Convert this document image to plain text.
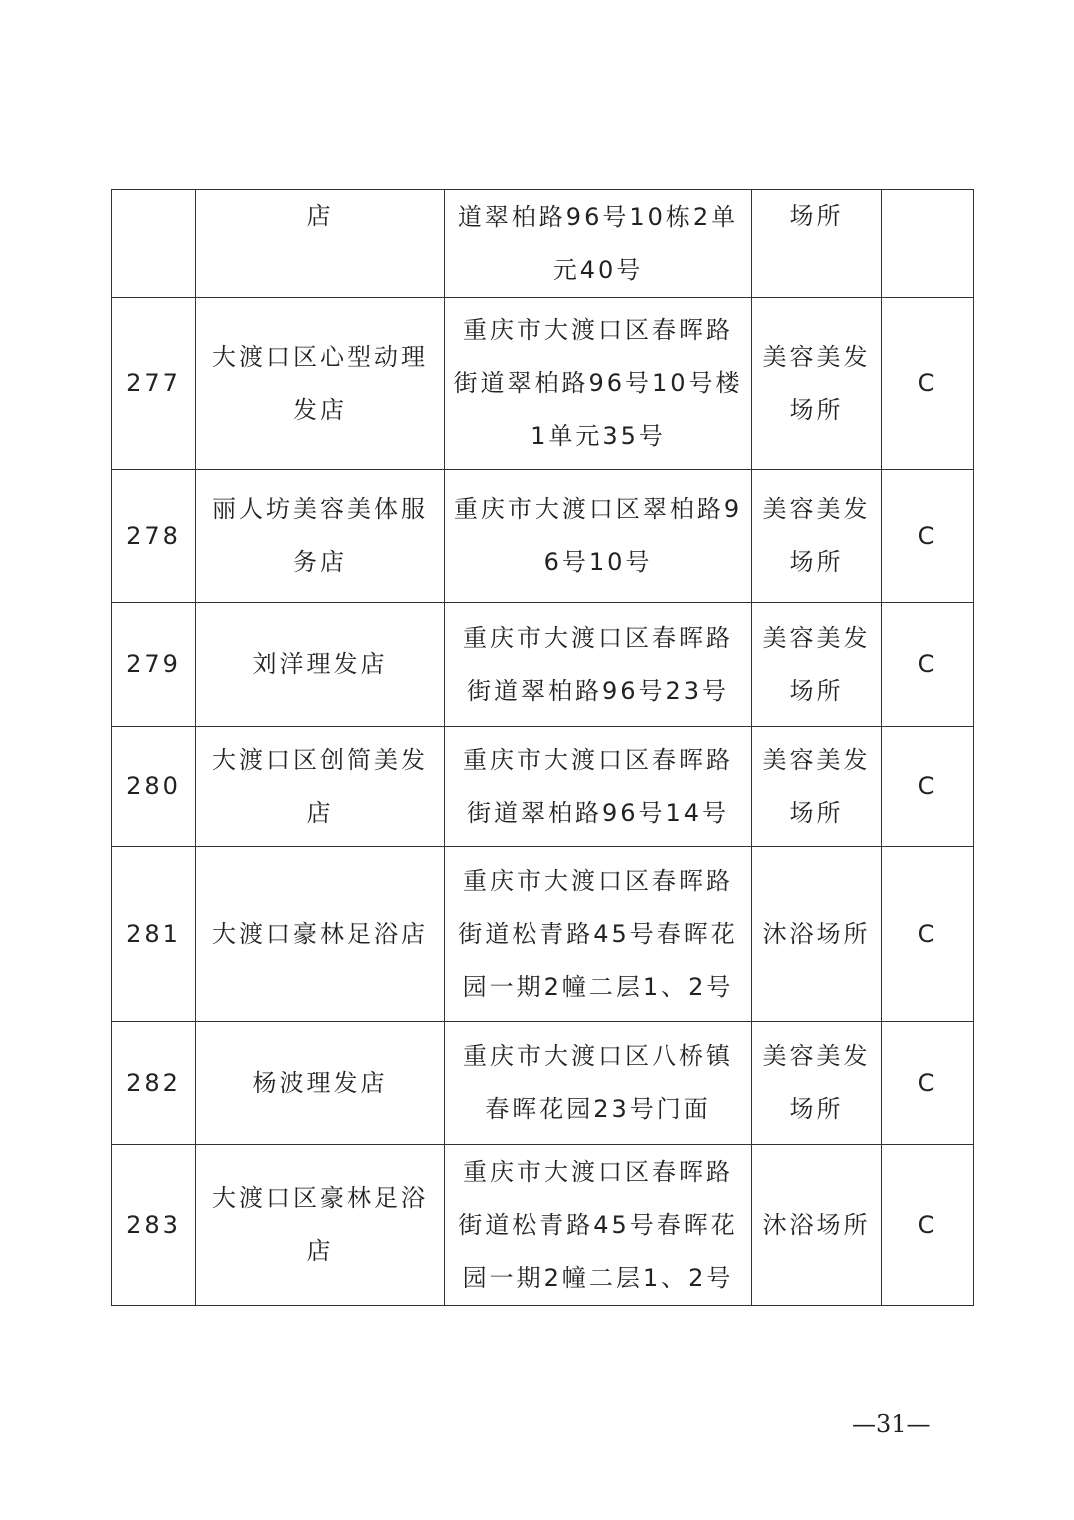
	店	道翠柏路96号10栋2单元40号	场所	
277	大渡口区心型动理发店	重庆市大渡口区春晖路街道翠柏路96号10号楼1单元35号	美容美发场所	C
278	丽人坊美容美体服务店	重庆市大渡口区翠柏路96号10号	美容美发场所	C
279	刘洋理发店	重庆市大渡口区春晖路街道翠柏路96号23号	美容美发场所	C
280	大渡口区创简美发店	重庆市大渡口区春晖路街道翠柏路96号14号	美容美发场所	C
281	大渡口豪林足浴店	重庆市大渡口区春晖路街道松青路45号春晖花园一期2幢二层1、2号	沐浴场所	C
282	杨波理发店	重庆市大渡口区八桥镇春晖花园23号门面	美容美发场所	C
283	大渡口区豪林足浴店	重庆市大渡口区春晖路街道松青路45号春晖花园一期2幢二层1、2号	沐浴场所	C
—31—
